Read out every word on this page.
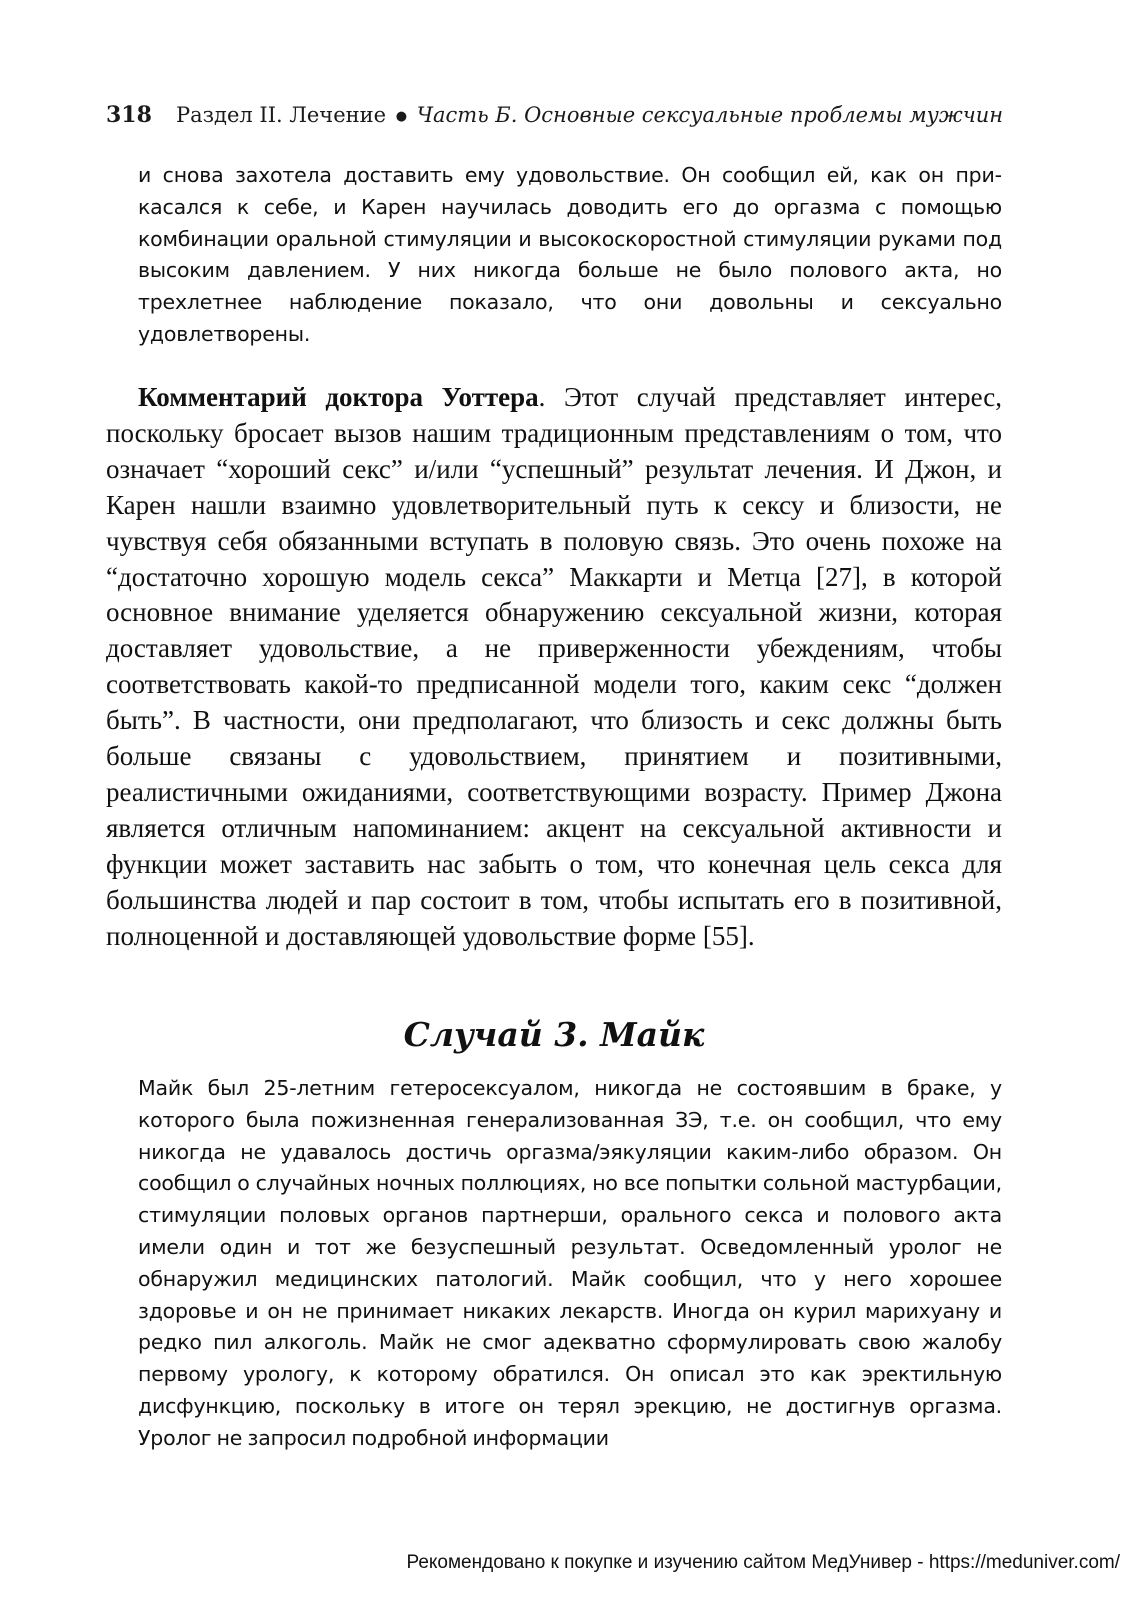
318 Раздел II. Лечение ● Часть Б. Основные сексуальные проблемы мужчин

и снова захотела доставить ему удовольствие. Он сообщил ей, как он прикасался к себе, и Карен научилась доводить его до оргазма с помощью комбинации оральной стимуляции и высокоскоростной стимуляции руками под высоким давлением. У них никогда больше не было полового акта, но трехлетнее наблюдение показало, что они довольны и сексуально удовлетворены.

Комментарий доктора Уоттера. Этот случай представляет интерес, поскольку бросает вызов нашим традиционным представлениям о том, что означает “хороший секс” и/или “успешный” результат лечения. И Джон, и Карен нашли взаимно удовлетворительный путь к сексу и близости, не чувствуя себя обязанными вступать в половую связь. Это очень похоже на “достаточно хорошую модель секса” Маккарти и Метца [27], в которой основное внимание уделяется обнаружению сексуальной жизни, которая доставляет удовольствие, а не приверженности убеждениям, чтобы соответствовать какой-то предписанной модели того, каким секс “должен быть”. В частности, они предполагают, что близость и секс должны быть больше связаны с удовольствием, принятием и позитивными, реалистичными ожиданиями, соответствующими возрасту. Пример Джона является отличным напоминанием: акцент на сексуальной активности и функции может заставить нас забыть о том, что конечная цель секса для большинства людей и пар состоит в том, чтобы испытать его в позитивной, полноценной и доставляющей удовольствие форме [55].

Случай 3. Майк

Майк был 25-летним гетеросексуалом, никогда не состоявшим в браке, у которого была пожизненная генерализованная ЗЭ, т.е. он сообщил, что ему никогда не удавалось достичь оргазма/эякуляции каким-либо образом. Он сообщил о случайных ночных поллюциях, но все попытки сольной мастурбации, стимуляции половых органов партнерши, орального секса и полового акта имели один и тот же безуспешный результат. Осведомленный уролог не обнаружил медицинских патологий. Майк сообщил, что у него хорошее здоровье и он не принимает никаких лекарств. Иногда он курил марихуану и редко пил алкоголь. Майк не смог адекватно сформулировать свою жалобу первому урологу, к которому обратился. Он описал это как эректильную дисфункцию, поскольку в итоге он терял эрекцию, не достигнув оргазма. Уролог не запросил подробной информации

Рекомендовано к покупке и изучению сайтом МедУнивер - https://meduniver.com/
